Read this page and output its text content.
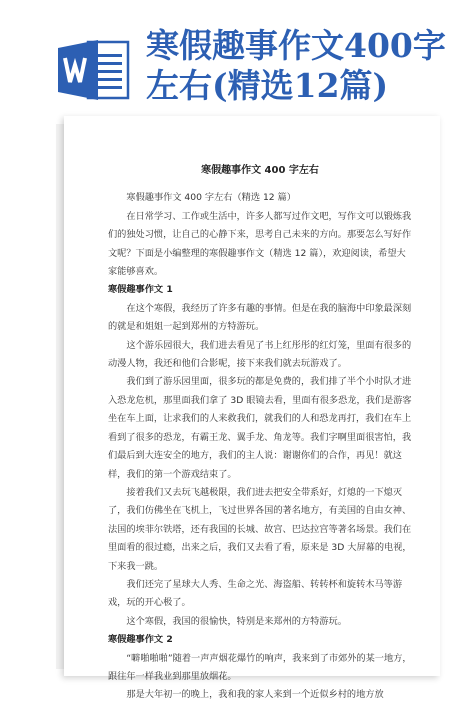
寒假趣事作文400字左右(精选12篇)

寒假趣事作文 400 字左右

寒假趣事作文 400 字左右（精选 12 篇）

在日常学习、工作或生活中，许多人都写过作文吧，写作文可以锻炼我们的独处习惯，让自己的心静下来，思考自己未来的方向。那要怎么写好作文呢？下面是小编整理的寒假趣事作文（精选 12 篇），欢迎阅读，希望大家能够喜欢。

寒假趣事作文 1

在这个寒假，我经历了许多有趣的事情。但是在我的脑海中印象最深刻的就是和姐姐一起到郑州的方特游玩。

这个游乐园很大，我们进去看见了书上红彤彤的红灯笼，里面有很多的动漫人物，我还和他们合影呢，接下来我们就去玩游戏了。

我们到了游乐园里面，很多玩的都是免费的，我们排了半个小时队才进入恐龙危机，那里面我们拿了 3D 眼镜去看，里面有很多恐龙，我们是游客坐在车上面，让求我们的人来救我们，就我们的人和恐龙再打，我们在车上看到了很多的恐龙，有霸王龙、翼手龙、角龙等。我们字啊里面很害怕，我们最后到大连安全的地方，我们的主人说：谢谢你们的合作，再见！就这样，我们的第一个游戏结束了。

接着我们又去玩飞越极限，我们进去把安全带系好，灯熄的一下熄灭了，我们仿佛坐在飞机上，飞过世界各国的著名地方，有美国的自由女神、法国的埃菲尔铁塔，还有我国的长城、故宫、巴达拉宫等著名场景。我们在里面看的很过瘾，出来之后，我们又去看了看，原来是 3D 大屏幕的电视，下来我一跳。

我们还完了星球大人秀、生命之光、海盗船、转转杯和旋转木马等游戏，玩的开心极了。

这个寒假，我国的很愉快，特别是来郑州的方特游玩。

寒假趣事作文 2

“噼啪啪啪”随着一声声烟花爆竹的响声，我来到了市郊外的某一地方，跟往年一样我业到那里放烟花。

那是大年初一的晚上，我和我的家人来到一个近似乡村的地方放
